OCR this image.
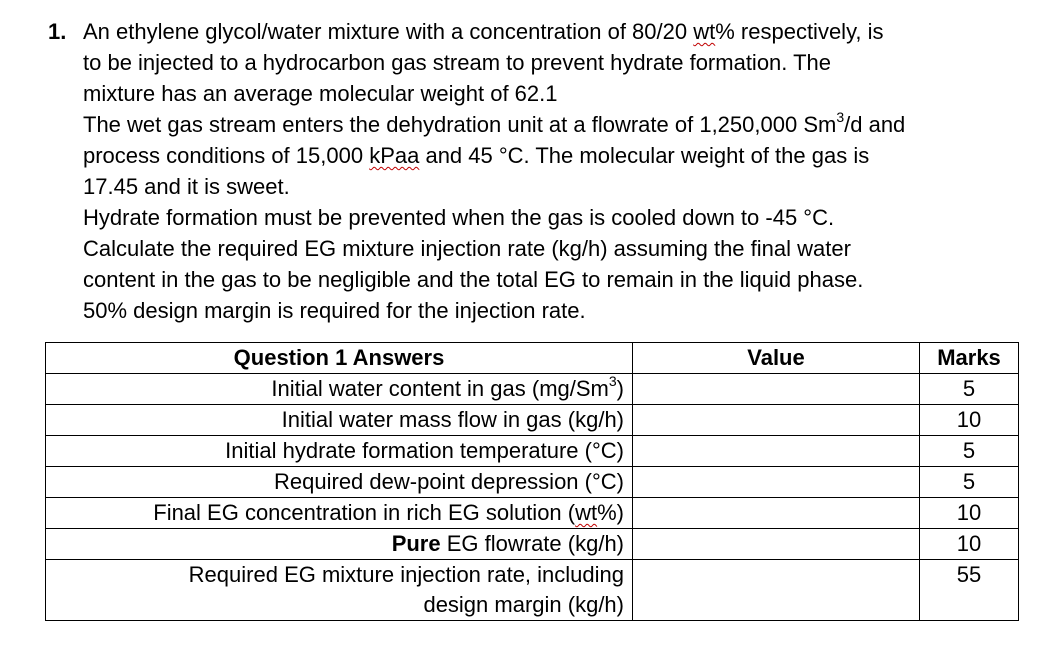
1. An ethylene glycol/water mixture with a concentration of 80/20 wt% respectively, is
to be injected to a hydrocarbon gas stream to prevent hydrate formation. The
mixture has an average molecular weight of 62.1
The wet gas stream enters the dehydration unit at a flowrate of 1,250,000 Sm$^3$/d and
process conditions of 15,000 kPaa and 45 °C. The molecular weight of the gas is
17.45 and it is sweet.
Hydrate formation must be prevented when the gas is cooled down to -45 °C.
Calculate the required EG mixture injection rate (kg/h) assuming the final water
content in the gas to be negligible and the total EG to remain in the liquid phase.
50% design margin is required for the injection rate.
Question 1 Answers	Value	Marks
Initial water content in gas (mg/Sm$^3$)		5
Initial water mass flow in gas (kg/h)		10
Initial hydrate formation temperature (°C)		5
Required dew-point depression (°C)		5
Final EG concentration in rich EG solution (wt%)		10
Pure EG flowrate (kg/h)		10

Required EG mixture injection rate, including
design margin (kg/h)		55
